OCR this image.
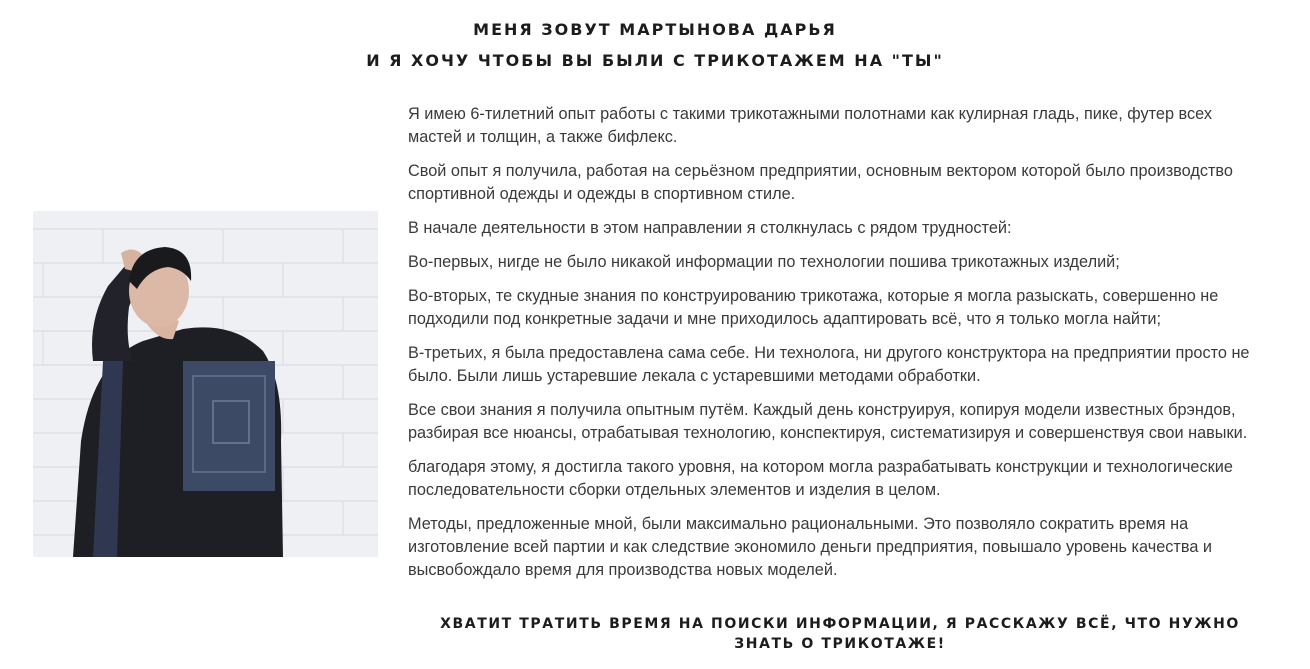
МЕНЯ ЗОВУТ МАРТЫНОВА ДАРЬЯ
И Я ХОЧУ ЧТОБЫ ВЫ БЫЛИ С ТРИКОТАЖЕМ НА "ТЫ"

Я имею 6-тилетний опыт работы с такими трикотажными полотнами как кулирная гладь, пике, футер всех мастей и толщин, а также бифлекс.

Свой опыт я получила, работая на серьёзном предприятии, основным вектором которой было производство спортивной одежды и одежды в спортивном стиле.

В начале деятельности в этом направлении я столкнулась с рядом трудностей:

Во-первых, нигде не было никакой информации по технологии пошива трикотажных изделий;

Во-вторых, те скудные знания по конструированию трикотажа, которые я могла разыскать, совершенно не подходили под конкретные задачи и мне приходилось адаптировать всё, что я только могла найти;

В-третьих, я была предоставлена сама себе. Ни технолога, ни другого конструктора на предприятии просто не было. Были лишь устаревшие лекала с устаревшими методами обработки.

Все свои знания я получила опытным путём. Каждый день конструируя, копируя модели известных брэндов, разбирая все нюансы, отрабатывая технологию, конспектируя, систематизируя и совершенствуя свои навыки.

благодаря этому, я достигла такого уровня, на котором могла разрабатывать конструкции и технологические последовательности сборки отдельных элементов и изделия в целом.

Методы, предложенные мной, были максимально рациональными. Это позволяло сократить время на изготовление всей партии и как следствие экономило деньги предприятия, повышало уровень качества и высвобождало время для производства новых моделей.

ХВАТИТ ТРАТИТЬ ВРЕМЯ НА ПОИСКИ ИНФОРМАЦИИ, Я РАССКАЖУ ВСЁ, ЧТО НУЖНО ЗНАТЬ О ТРИКОТАЖЕ!
